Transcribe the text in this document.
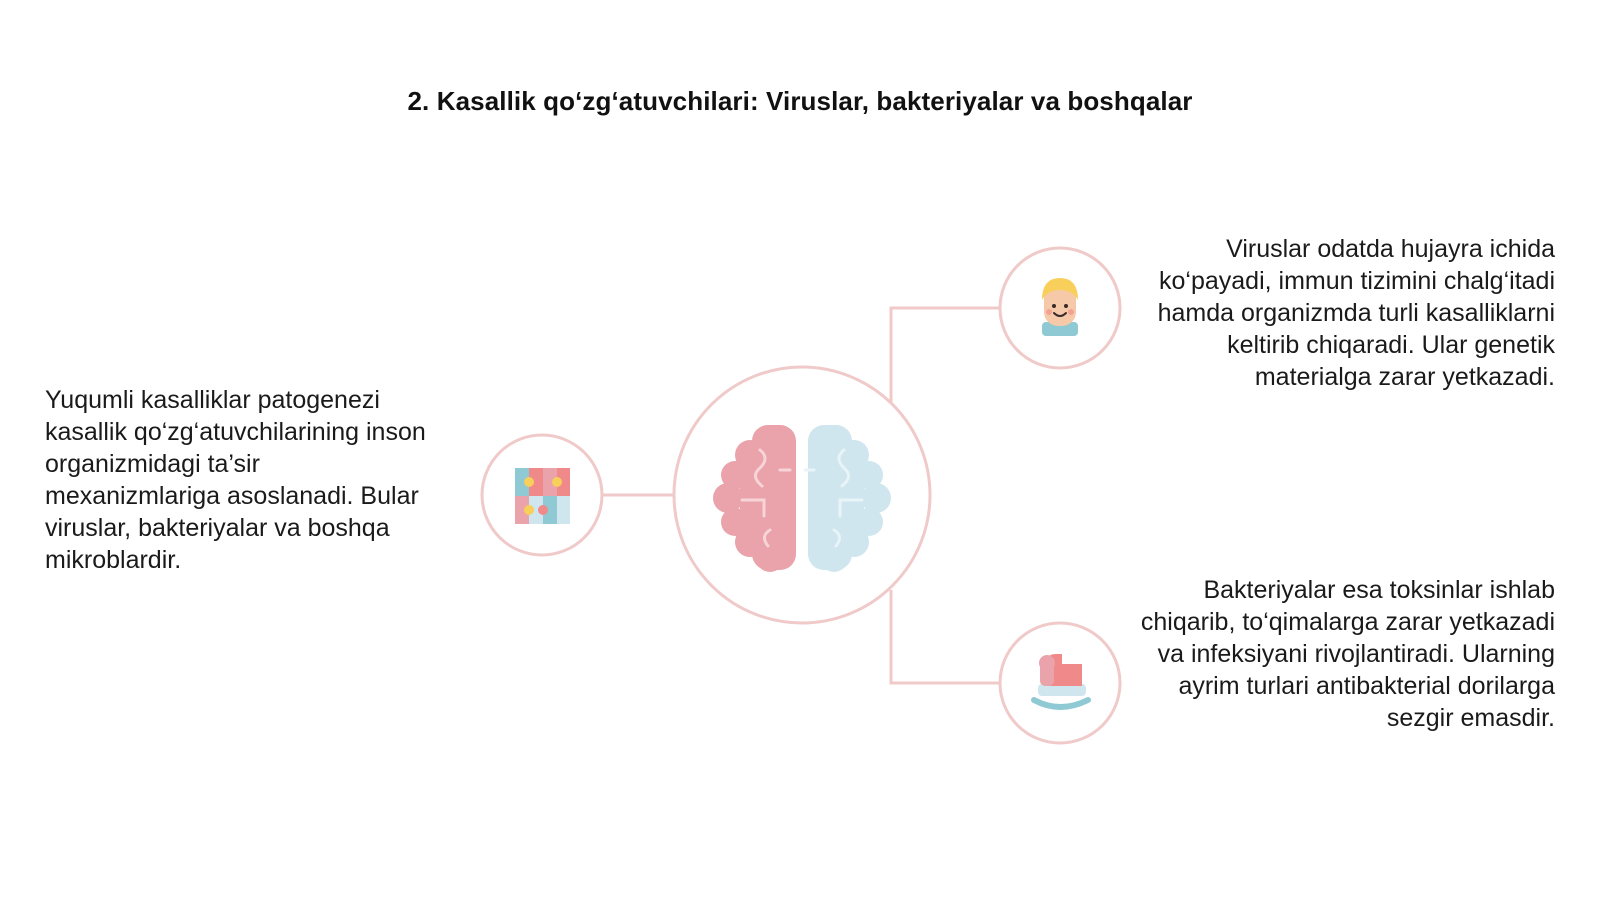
2. Kasallik qo‘zg‘atuvchilari: Viruslar, bakteriyalar va boshqalar

Yuqumli kasalliklar patogenezi kasallik qo‘zg‘atuvchilarining inson organizmidagi ta’sir mexanizmlariga asoslanadi. Bular viruslar, bakteriyalar va boshqa mikroblardir.

Viruslar odatda hujayra ichida ko‘payadi, immun tizimini chalg‘itadi hamda organizmda turli kasalliklarni keltirib chiqaradi. Ular genetik materialga zarar yetkazadi.

Bakteriyalar esa toksinlar ishlab chiqarib, to‘qimalarga zarar yetkazadi va infeksiyani rivojlantiradi. Ularning ayrim turlari antibakterial dorilarga sezgir emasdir.
